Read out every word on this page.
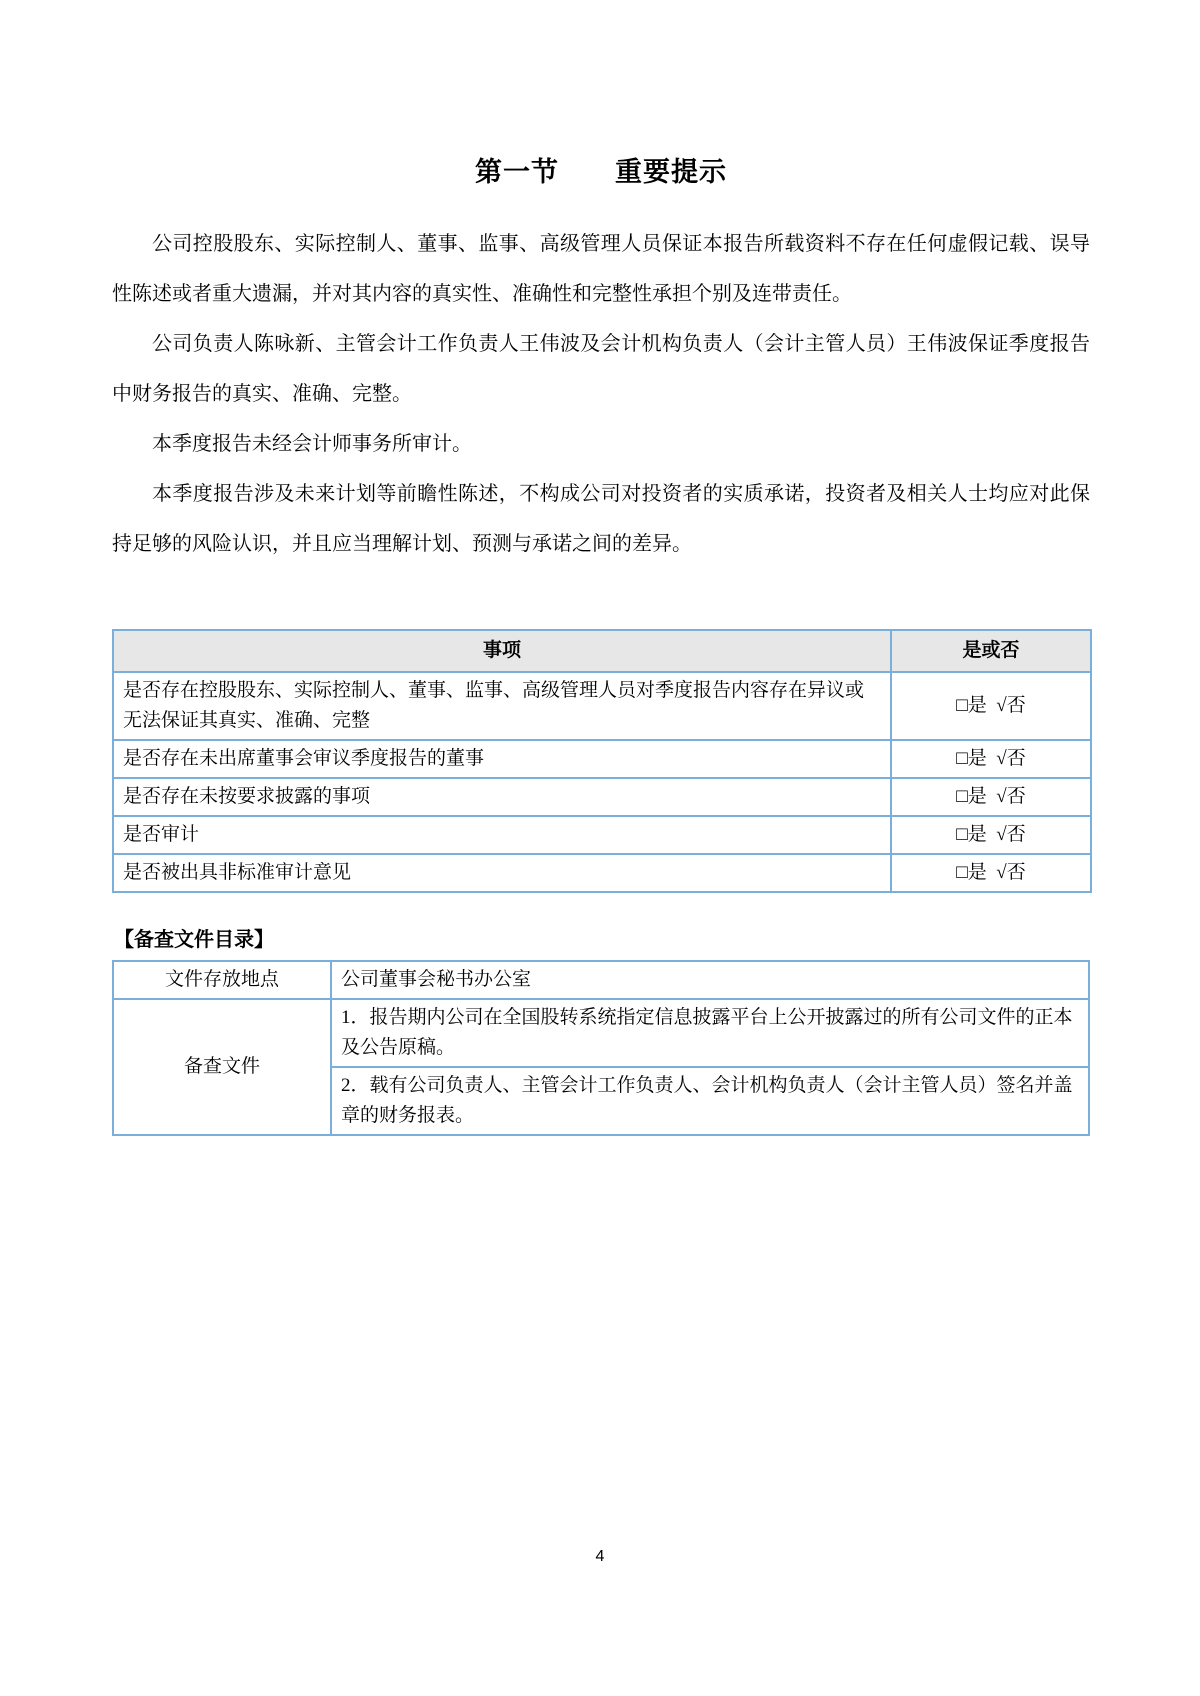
第一节　　重要提示

公司控股股东、实际控制人、董事、监事、高级管理人员保证本报告所载资料不存在任何虚假记载、误导性陈述或者重大遗漏，并对其内容的真实性、准确性和完整性承担个别及连带责任。

公司负责人陈咏新、主管会计工作负责人王伟波及会计机构负责人（会计主管人员）王伟波保证季度报告中财务报告的真实、准确、完整。

本季度报告未经会计师事务所审计。

本季度报告涉及未来计划等前瞻性陈述，不构成公司对投资者的实质承诺，投资者及相关人士均应对此保持足够的风险认识，并且应当理解计划、预测与承诺之间的差异。

事项	是或否
是否存在控股股东、实际控制人、董事、监事、高级管理人员对季度报告内容存在异议或无法保证其真实、准确、完整	□是  √否
是否存在未出席董事会审议季度报告的董事	□是  √否
是否存在未按要求披露的事项	□是  √否
是否审计	□是  √否
是否被出具非标准审计意见	□是  √否
【备查文件目录】
文件存放地点	公司董事会秘书办公室
备查文件	1．报告期内公司在全国股转系统指定信息披露平台上公开披露过的所有公司文件的正本及公告原稿。
	2．载有公司负责人、主管会计工作负责人、会计机构负责人（会计主管人员）签名并盖章的财务报表。
4
